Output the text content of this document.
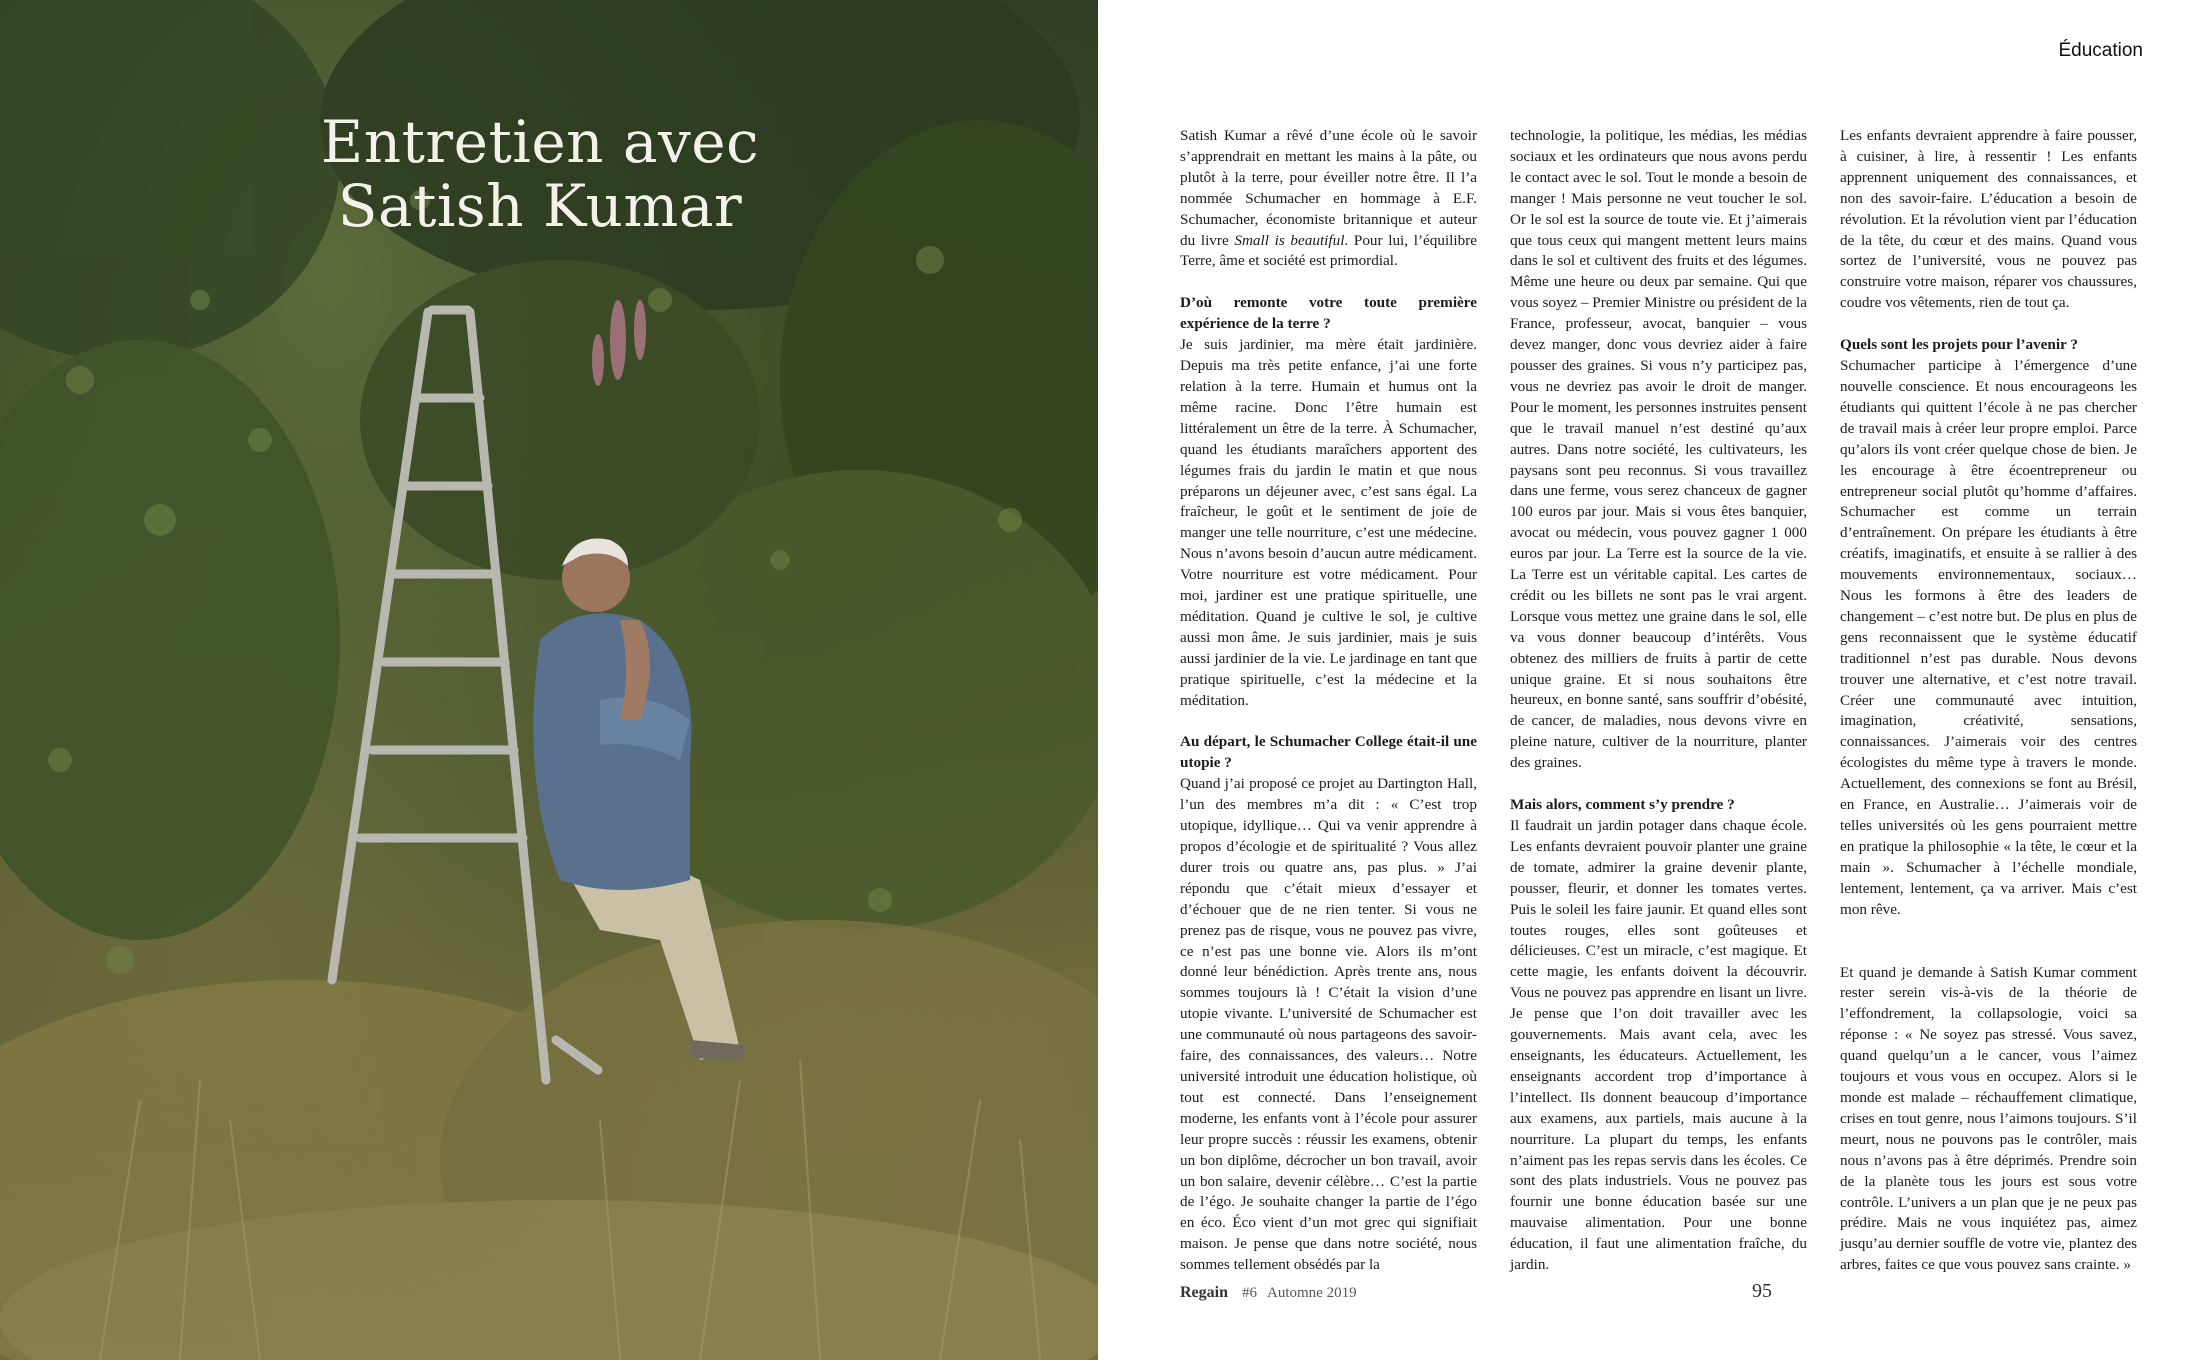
Entretien avec
Satish Kumar
Éducation

Satish Kumar a rêvé d’une école où le savoir s’apprendrait en mettant les mains à la pâte, ou plutôt à la terre, pour éveiller notre être. Il l’a nommée Schumacher en hommage à E.F. Schumacher, économiste britannique et auteur du livre Small is beautiful. Pour lui, l’équilibre Terre, âme et société est primordial.

D’où remonte votre toute première expérience de la terre ?

Je suis jardinier, ma mère était jardinière. Depuis ma très petite enfance, j’ai une forte relation à la terre. Humain et humus ont la même racine. Donc l’être humain est littéralement un être de la terre. À Schumacher, quand les étudiants maraîchers apportent des légumes frais du jardin le matin et que nous préparons un déjeuner avec, c’est sans égal. La fraîcheur, le goût et le sentiment de joie de manger une telle nourriture, c’est une médecine. Nous n’avons besoin d’aucun autre médicament. Votre nourriture est votre médicament. Pour moi, jardiner est une pratique spirituelle, une méditation. Quand je cultive le sol, je cultive aussi mon âme. Je suis jardinier, mais je suis aussi jardinier de la vie. Le jardinage en tant que pratique spirituelle, c’est la médecine et la méditation.

Au départ, le Schumacher College était-il une utopie ?

Quand j’ai proposé ce projet au Dartington Hall, l’un des membres m’a dit : « C’est trop utopique, idyllique… Qui va venir apprendre à propos d’écologie et de spiritualité ? Vous allez durer trois ou quatre ans, pas plus. » J’ai répondu que c’était mieux d’essayer et d’échouer que de ne rien tenter. Si vous ne prenez pas de risque, vous ne pouvez pas vivre, ce n’est pas une bonne vie. Alors ils m’ont donné leur bénédiction. Après trente ans, nous sommes toujours là ! C’était la vision d’une utopie vivante. L’université de Schumacher est une communauté où nous partageons des savoir-faire, des connaissances, des valeurs… Notre université introduit une éducation holistique, où tout est connecté. Dans l’enseignement moderne, les enfants vont à l’école pour assurer leur propre succès : réussir les examens, obtenir un bon diplôme, décrocher un bon travail, avoir un bon salaire, devenir célèbre… C’est la partie de l’égo. Je souhaite changer la partie de l’égo en éco. Éco vient d’un mot grec qui signifiait maison. Je pense que dans notre société, nous sommes tellement obsédés par la

technologie, la politique, les médias, les médias sociaux et les ordinateurs que nous avons perdu le contact avec le sol. Tout le monde a besoin de manger ! Mais personne ne veut toucher le sol. Or le sol est la source de toute vie. Et j’aimerais que tous ceux qui mangent mettent leurs mains dans le sol et cultivent des fruits et des légumes. Même une heure ou deux par semaine. Qui que vous soyez – Premier Ministre ou président de la France, professeur, avocat, banquier – vous devez manger, donc vous devriez aider à faire pousser des graines. Si vous n’y participez pas, vous ne devriez pas avoir le droit de manger. Pour le moment, les personnes instruites pensent que le travail manuel n’est destiné qu’aux autres. Dans notre société, les cultivateurs, les paysans sont peu reconnus. Si vous travaillez dans une ferme, vous serez chanceux de gagner 100 euros par jour. Mais si vous êtes banquier, avocat ou médecin, vous pouvez gagner 1 000 euros par jour. La Terre est la source de la vie. La Terre est un véritable capital. Les cartes de crédit ou les billets ne sont pas le vrai argent. Lorsque vous mettez une graine dans le sol, elle va vous donner beaucoup d’intérêts. Vous obtenez des milliers de fruits à partir de cette unique graine. Et si nous souhaitons être heureux, en bonne santé, sans souffrir d’obésité, de cancer, de maladies, nous devons vivre en pleine nature, cultiver de la nourriture, planter des graines.

Mais alors, comment s’y prendre ?

Il faudrait un jardin potager dans chaque école. Les enfants devraient pouvoir planter une graine de tomate, admirer la graine devenir plante, pousser, fleurir, et donner les tomates vertes. Puis le soleil les faire jaunir. Et quand elles sont toutes rouges, elles sont goûteuses et délicieuses. C’est un miracle, c’est magique. Et cette magie, les enfants doivent la découvrir. Vous ne pouvez pas apprendre en lisant un livre. Je pense que l’on doit travailler avec les gouvernements. Mais avant cela, avec les enseignants, les éducateurs. Actuellement, les enseignants accordent trop d’importance à l’intellect. Ils donnent beaucoup d’importance aux examens, aux partiels, mais aucune à la nourriture. La plupart du temps, les enfants n’aiment pas les repas servis dans les écoles. Ce sont des plats industriels. Vous ne pouvez pas fournir une bonne éducation basée sur une mauvaise alimentation. Pour une bonne éducation, il faut une alimentation fraîche, du jardin.

Les enfants devraient apprendre à faire pousser, à cuisiner, à lire, à ressentir ! Les enfants apprennent uniquement des connaissances, et non des savoir-faire. L’éducation a besoin de révolution. Et la révolution vient par l’éducation de la tête, du cœur et des mains. Quand vous sortez de l’université, vous ne pouvez pas construire votre maison, réparer vos chaussures, coudre vos vêtements, rien de tout ça.

Quels sont les projets pour l’avenir ?

Schumacher participe à l’émergence d’une nouvelle conscience. Et nous encourageons les étudiants qui quittent l’école à ne pas chercher de travail mais à créer leur propre emploi. Parce qu’alors ils vont créer quelque chose de bien. Je les encourage à être écoentrepreneur ou entrepreneur social plutôt qu’homme d’affaires. Schumacher est comme un terrain d’entraînement. On prépare les étudiants à être créatifs, imaginatifs, et ensuite à se rallier à des mouvements environnementaux, sociaux… Nous les formons à être des leaders de changement – c’est notre but. De plus en plus de gens reconnaissent que le système éducatif traditionnel n’est pas durable. Nous devons trouver une alternative, et c’est notre travail. Créer une communauté avec intuition, imagination, créativité, sensations, connaissances. J’aimerais voir des centres écologistes du même type à travers le monde. Actuellement, des connexions se font au Brésil, en France, en Australie… J’aimerais voir de telles universités où les gens pourraient mettre en pratique la philosophie « la tête, le cœur et la main ». Schumacher à l’échelle mondiale, lentement, lentement, ça va arriver. Mais c’est mon rêve.

Et quand je demande à Satish Kumar comment rester serein vis-à-vis de la théorie de l’effondrement, la collapsologie, voici sa réponse : « Ne soyez pas stressé. Vous savez, quand quelqu’un a le cancer, vous l’aimez toujours et vous vous en occupez. Alors si le monde est malade – réchauffement climatique, crises en tout genre, nous l’aimons toujours. S’il meurt, nous ne pouvons pas le contrôler, mais nous n’avons pas à être déprimés. Prendre soin de la planète tous les jours est sous votre contrôle. L’univers a un plan que je ne peux pas prédire. Mais ne vous inquiétez pas, aimez jusqu’au dernier souffle de votre vie, plantez des arbres, faites ce que vous pouvez sans crainte. »

Regain #6 Automne 2019	95
